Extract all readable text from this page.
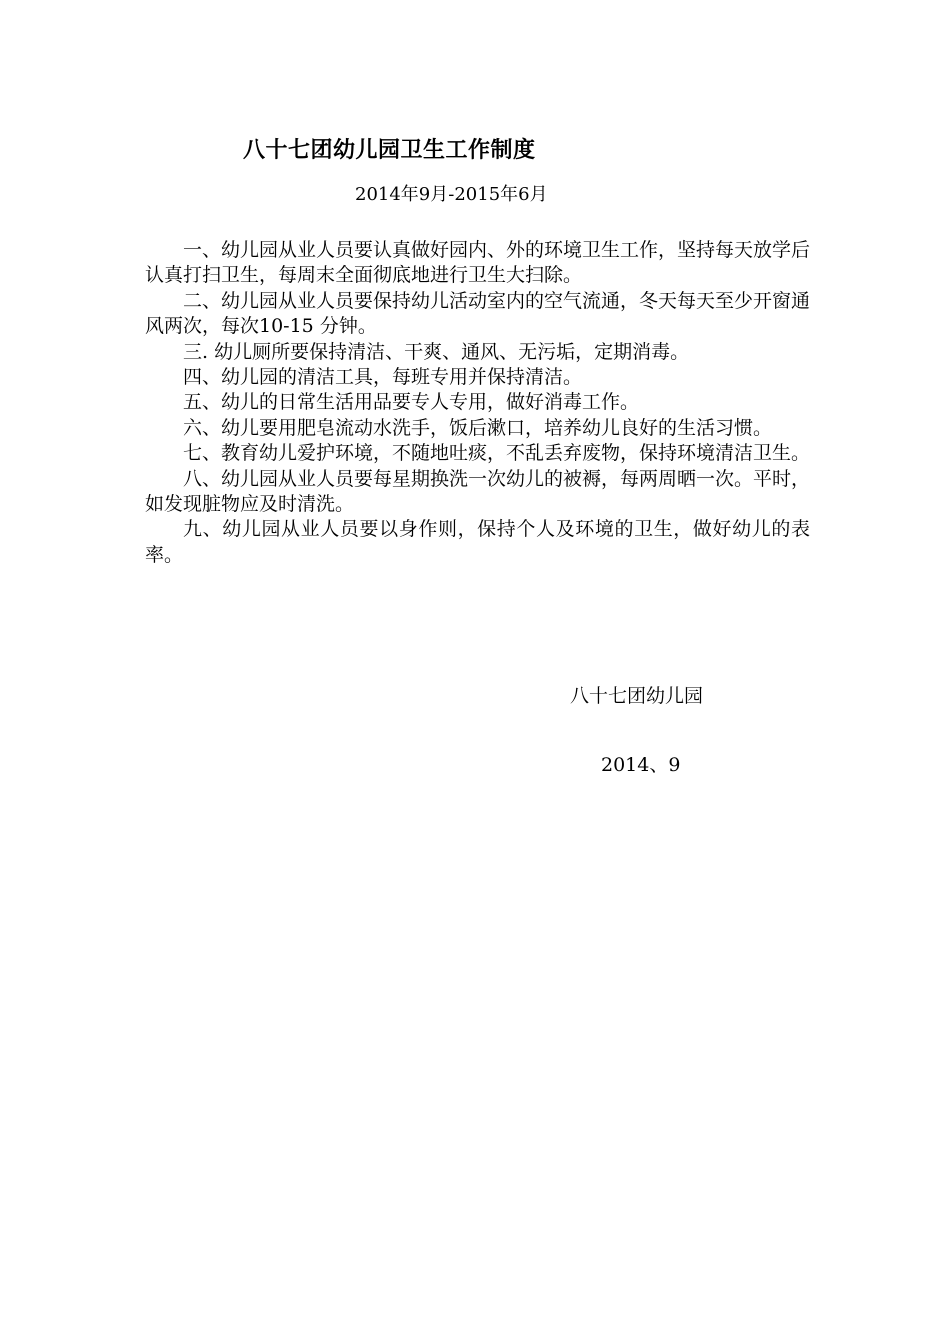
八十七团幼儿园卫生工作制度
2014年9月-2015年6月

一、幼儿园从业人员要认真做好园内、外的环境卫生工作，坚持每天放学后认真打扫卫生，每周末全面彻底地进行卫生大扫除。

二、幼儿园从业人员要保持幼儿活动室内的空气流通，冬天每天至少开窗通风两次，每次10-15 分钟。

三. 幼儿厕所要保持清洁、干爽、通风、无污垢，定期消毒。

四、幼儿园的清洁工具，每班专用并保持清洁。

五、幼儿的日常生活用品要专人专用，做好消毒工作。

六、幼儿要用肥皂流动水洗手，饭后漱口，培养幼儿良好的生活习惯。

七、教育幼儿爱护环境，不随地吐痰，不乱丢弃废物，保持环境清洁卫生。

八、幼儿园从业人员要每星期换洗一次幼儿的被褥，每两周晒一次。平时，如发现脏物应及时清洗。

九、幼儿园从业人员要以身作则，保持个人及环境的卫生，做好幼儿的表率。

八十七团幼儿园
2014、9
